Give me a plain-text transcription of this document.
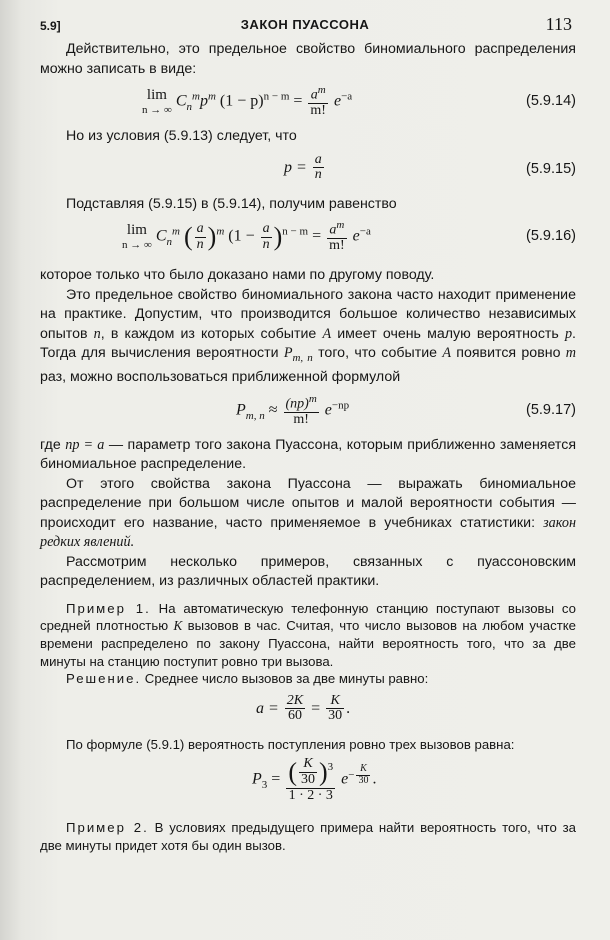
5.9]	ЗАКОН ПУАССОНА	113

Действительно, это предельное свойство биномиального распределения можно записать в виде:

lim
n → ∞
$C_n^mp^m$ $(1 - p)^{n - m} = \frac{a^m}{m!} e^{-a}$	(5.9.14)

Но из условия (5.9.13) следует, что

$p = \frac{a}{n}$	(5.9.15)

Подставляя (5.9.15) в (5.9.14), получим равенство

lim
n → ∞
$C_n^m$ ( $\frac{a}{n} )^m$ $(1 - \frac{a}{n} )^{n - m} = \frac{a^m}{m!} e^{-a}$	(5.9.16)

которое только что было доказано нами по другому поводу.

Это предельное свойство биномиального закона часто находит применение на практике. Допустим, что производится большое количество независимых опытов n, в каждом из которых событие A имеет очень малую вероятность p. Тогда для вычисления вероятности $P_{m, n}$ того, что событие A появится ровно m раз, можно воспользоваться приближенной формулой

$P_{m, n} \approx \frac{(np)^m}{m!} e^{-np}$	(5.9.17)

где np = a — параметр того закона Пуассона, которым приближенно заменяется биномиальное распределение.

От этого свойства закона Пуассона — выражать биномиальное распределение при большом числе опытов и малой вероятности события — происходит его название, часто применяемое в учебниках статистики: закон редких явлений.

Рассмотрим несколько примеров, связанных с пуассоновским распределением, из различных областей практики.

Пример 1. На автоматическую телефонную станцию поступают вызовы со средней плотностью K вызовов в час. Считая, что число вызовов на любом участке времени распределено по закону Пуассона, найти вероятность того, что за две минуты на станцию поступит ровно три вызова.

Решение. Среднее число вызовов за две минуты равно:

$a = \frac{2K}{60} = \frac{K}{30}$ .

По формуле (5.9.1) вероятность поступления ровно трех вызовов равна:

$P_3 = \frac{( \frac{K}{30} )^3}{1 \cdot 2 \cdot 3} e^{- \frac{K}{30}}$ .

Пример 2. В условиях предыдущего примера найти вероятность того, что за две минуты придет хотя бы один вызов.
